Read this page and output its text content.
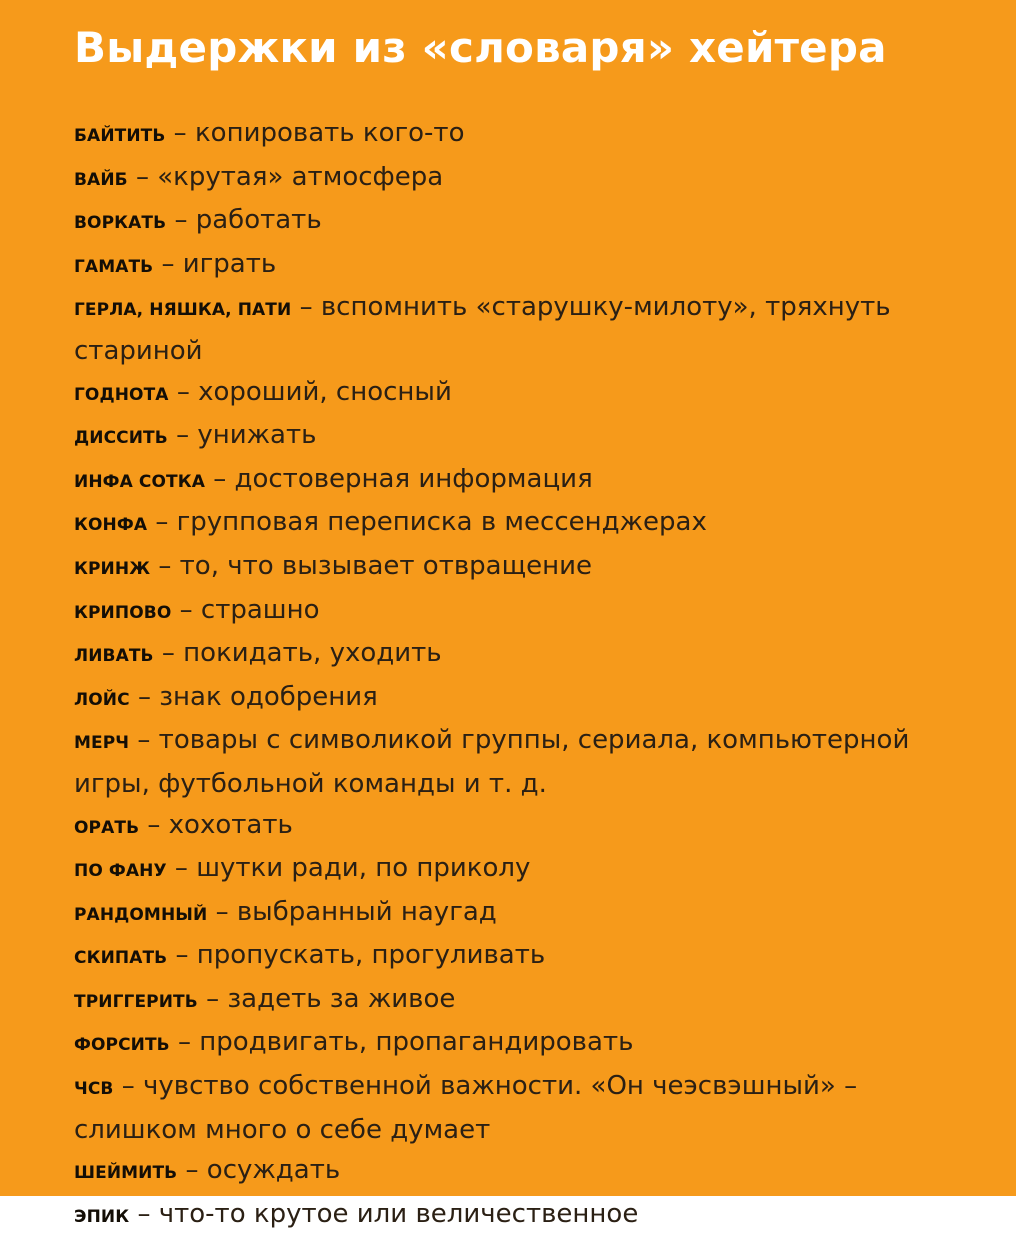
Выдержки из «словаря» хейтера
БАЙТИТЬ – копировать кого-то
ВАЙБ – «крутая» атмосфера
ВОРКАТЬ – работать
ГАМАТЬ – играть
ГЕРЛА, НЯШКА, ПАТИ – вспомнить «старушку-милоту», тряхнуть стариной
ГОДНОТА – хороший, сносный
ДИССИТЬ – унижать
ИНФА СОТКА – достоверная информация
КОНФА – групповая переписка в мессенджерах
КРИНЖ – то, что вызывает отвращение
КРИПОВО – страшно
ЛИВАТЬ – покидать, уходить
ЛОЙС – знак одобрения
МЕРЧ – товары с символикой группы, сериала, компьютерной игры, футбольной команды и т. д.
ОРАТЬ – хохотать
ПО ФАНУ – шутки ради, по приколу
РАНДОМНЫЙ – выбранный наугад
СКИПАТЬ – пропускать, прогуливать
ТРИГГЕРИТЬ – задеть за живое
ФОРСИТЬ – продвигать, пропагандировать
ЧСВ – чувство собственной важности. «Он чеэсвэшный» – слишком много о себе думает
ШЕЙМИТЬ – осуждать
ЭПИК – что-то крутое или величественное
